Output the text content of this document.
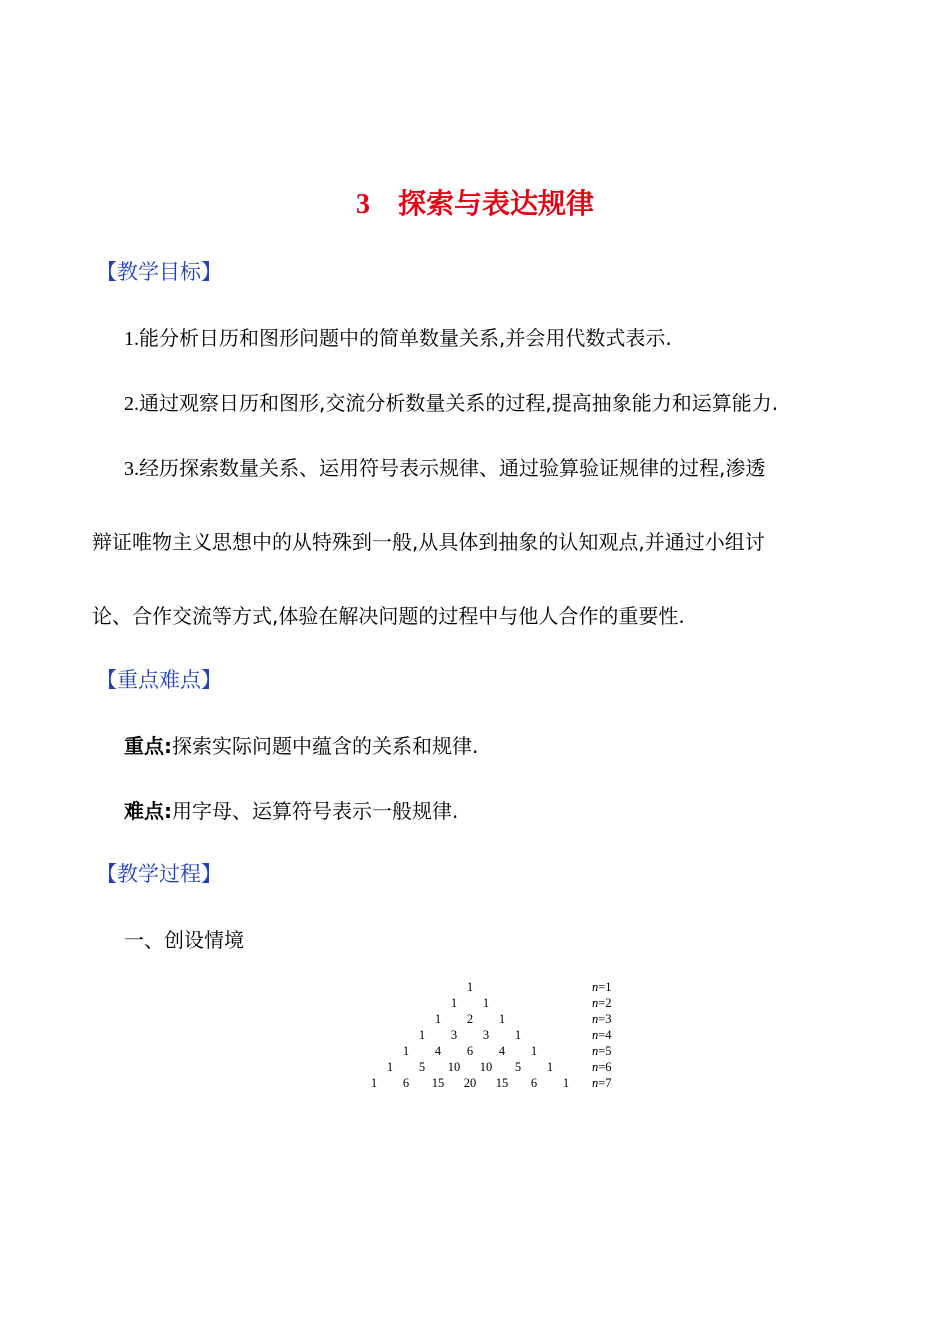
3 探索与表达规律
【教学目标】
1.能分析日历和图形问题中的简单数量关系,并会用代数式表示.
2.通过观察日历和图形,交流分析数量关系的过程,提高抽象能力和运算能力.
3.经历探索数量关系、运用符号表示规律、通过验算验证规律的过程,渗透
辩证唯物主义思想中的从特殊到一般,从具体到抽象的认知观点,并通过小组讨
论、合作交流等方式,体验在解决问题的过程中与他人合作的重要性.
【重点难点】
重点:探索实际问题中蕴含的关系和规律.
难点:用字母、运算符号表示一般规律.
【教学过程】
一、创设情境
1	n=1
1 1	n=2
1 2 1	n=3
1 3 3 1	n=4
1 4 6 4 1	n=5
1 5 10 10 5 1	n=6
1 6 15 20 15 6 1 n=7
